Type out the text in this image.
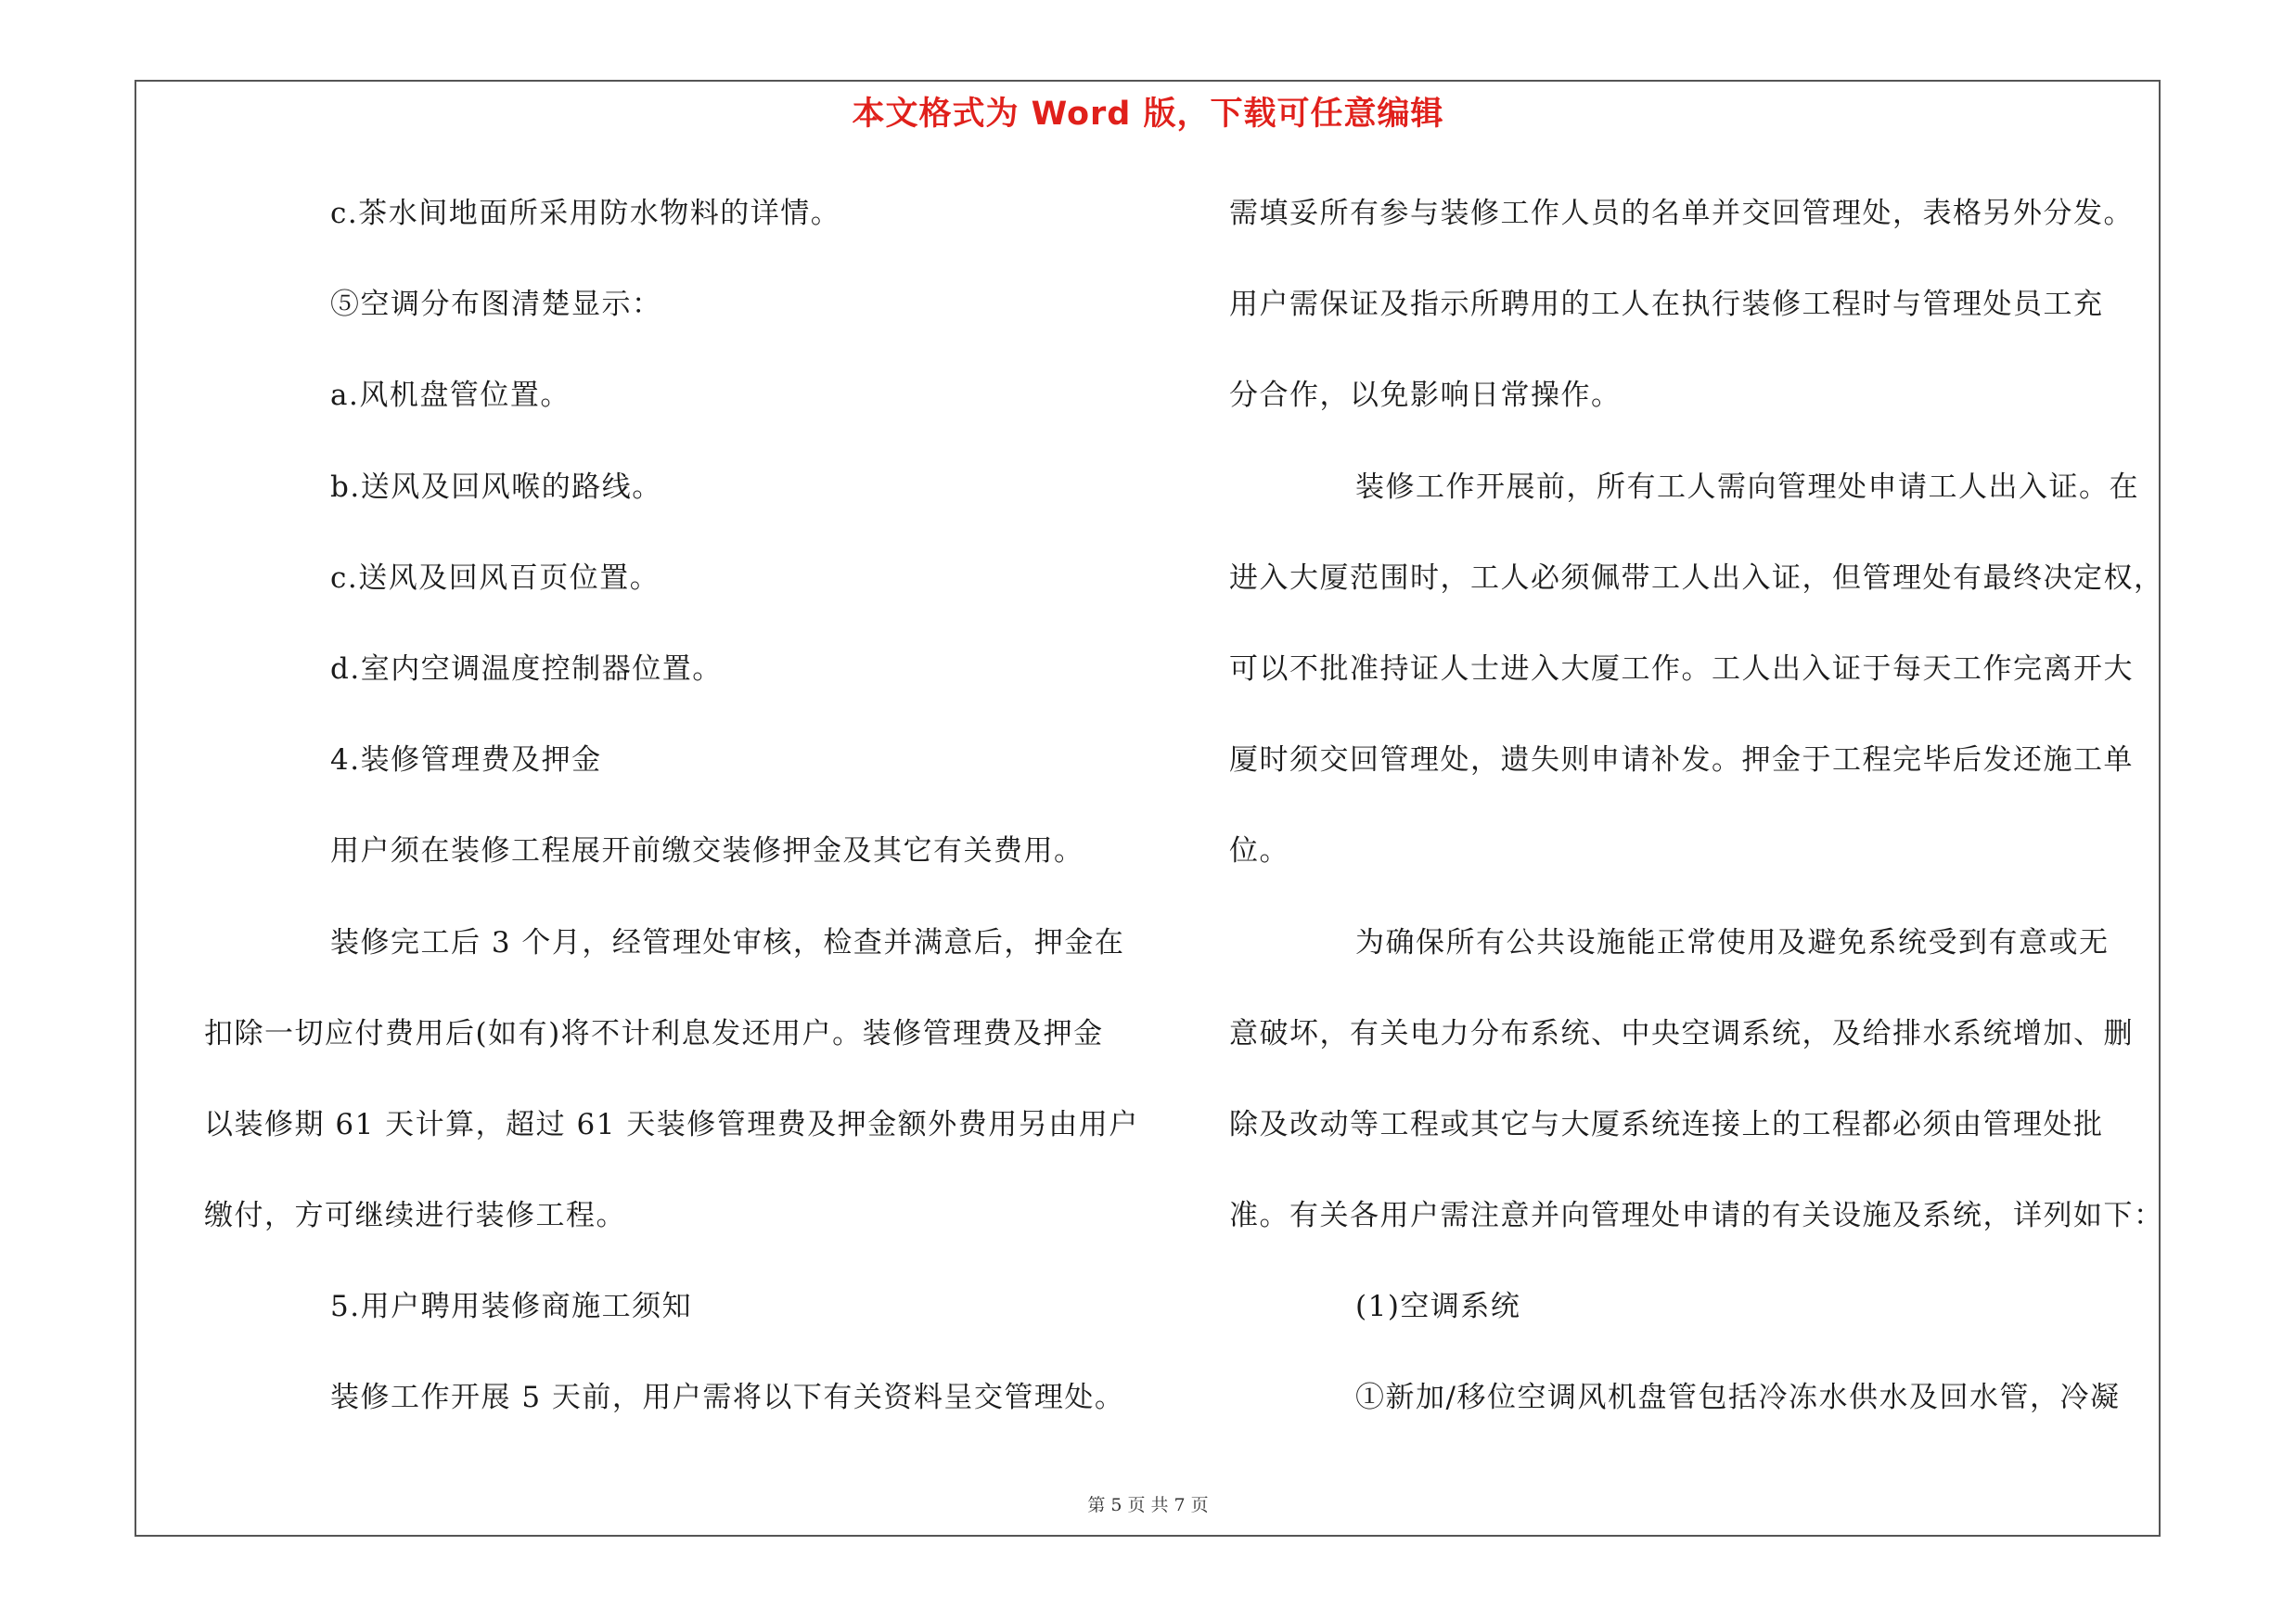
本文格式为 Word 版，下载可任意编辑
c.茶水间地面所采用防水物料的详情。
⑤空调分布图清楚显示：
a.风机盘管位置。
b.送风及回风喉的路线。
c.送风及回风百页位置。
d.室内空调温度控制器位置。
4.装修管理费及押金
用户须在装修工程展开前缴交装修押金及其它有关费用。
装修完工后 3 个月，经管理处审核，检查并满意后，押金在
扣除一切应付费用后(如有)将不计利息发还用户。装修管理费及押金
以装修期 61 天计算，超过 61 天装修管理费及押金额外费用另由用户
缴付，方可继续进行装修工程。
5.用户聘用装修商施工须知
装修工作开展 5 天前，用户需将以下有关资料呈交管理处。
需填妥所有参与装修工作人员的名单并交回管理处，表格另外分发。
用户需保证及指示所聘用的工人在执行装修工程时与管理处员工充
分合作，以免影响日常操作。
装修工作开展前，所有工人需向管理处申请工人出入证。在
进入大厦范围时，工人必须佩带工人出入证，但管理处有最终决定权，
可以不批准持证人士进入大厦工作。工人出入证于每天工作完离开大
厦时须交回管理处，遗失则申请补发。押金于工程完毕后发还施工单
位。
为确保所有公共设施能正常使用及避免系统受到有意或无
意破坏，有关电力分布系统、中央空调系统，及给排水系统增加、删
除及改动等工程或其它与大厦系统连接上的工程都必须由管理处批
准。有关各用户需注意并向管理处申请的有关设施及系统，详列如下：
(1)空调系统
①新加/移位空调风机盘管包括冷冻水供水及回水管，冷凝
第 5 页 共 7 页
